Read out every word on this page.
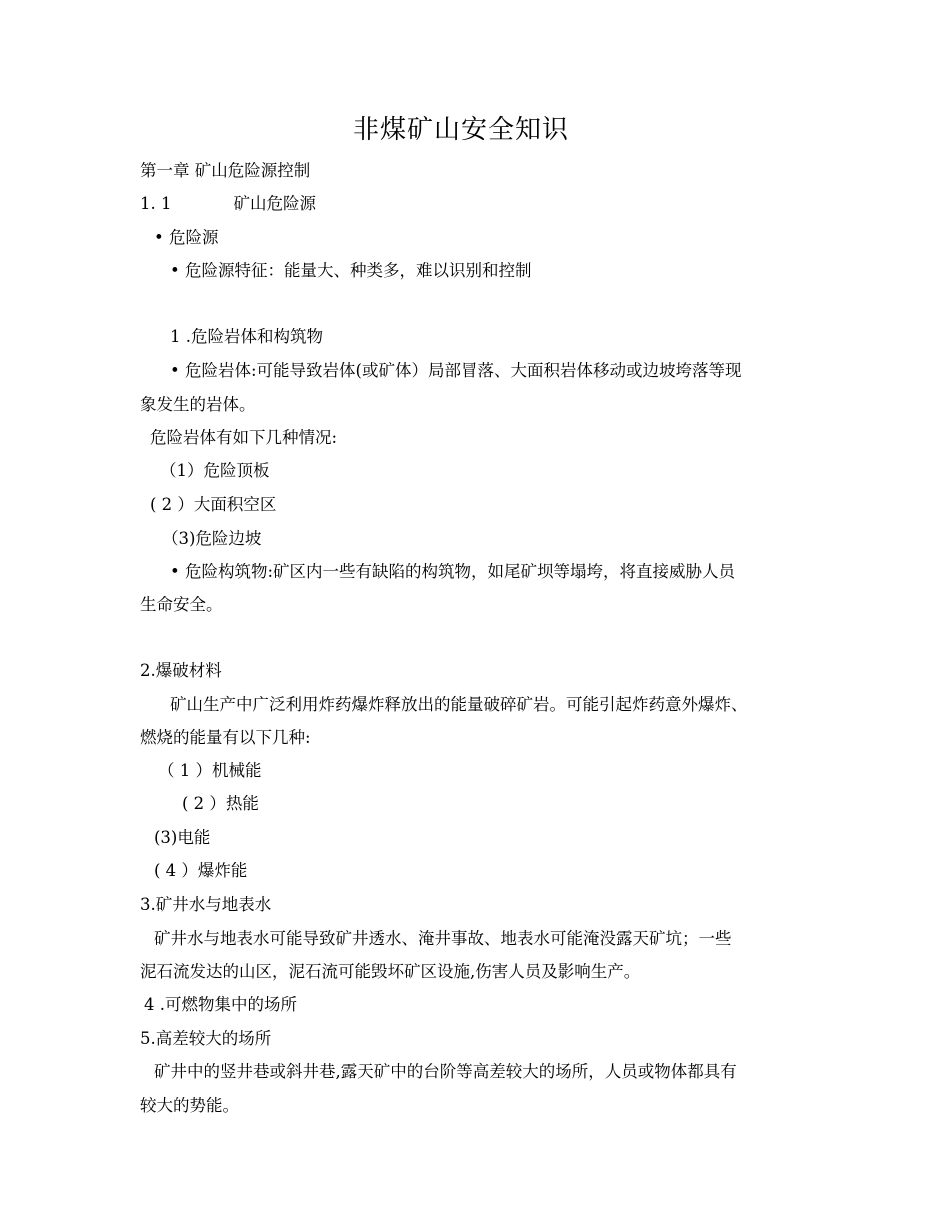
非煤矿山安全知识
第一章 矿山危险源控制
1. 1	矿山危险源
• 危险源
• 危险源特征：能量大、种类多，难以识别和控制
1 .危险岩体和构筑物
• 危险岩体:可能导致岩体(或矿体）局部冒落、大面积岩体移动或边坡垮落等现
象发生的岩体。
危险岩体有如下几种情况:
（1）危险顶板
( 2 ）大面积空区
（3)危险边坡
• 危险构筑物:矿区内一些有缺陷的构筑物，如尾矿坝等塌垮，将直接威胁人员
生命安全。
2.爆破材料
矿山生产中广泛利用炸药爆炸释放出的能量破碎矿岩。可能引起炸药意外爆炸、
燃烧的能量有以下几种:
（ 1 ）机械能
( 2 ）热能
(3)电能
( 4 ）爆炸能
3.矿井水与地表水
矿井水与地表水可能导致矿井透水、淹井事故、地表水可能淹没露天矿坑；一些
泥石流发达的山区，泥石流可能毁坏矿区设施,伤害人员及影响生产。
4 .可燃物集中的场所
5.高差较大的场所
矿井中的竖井巷或斜井巷,露天矿中的台阶等高差较大的场所，人员或物体都具有
较大的势能。
